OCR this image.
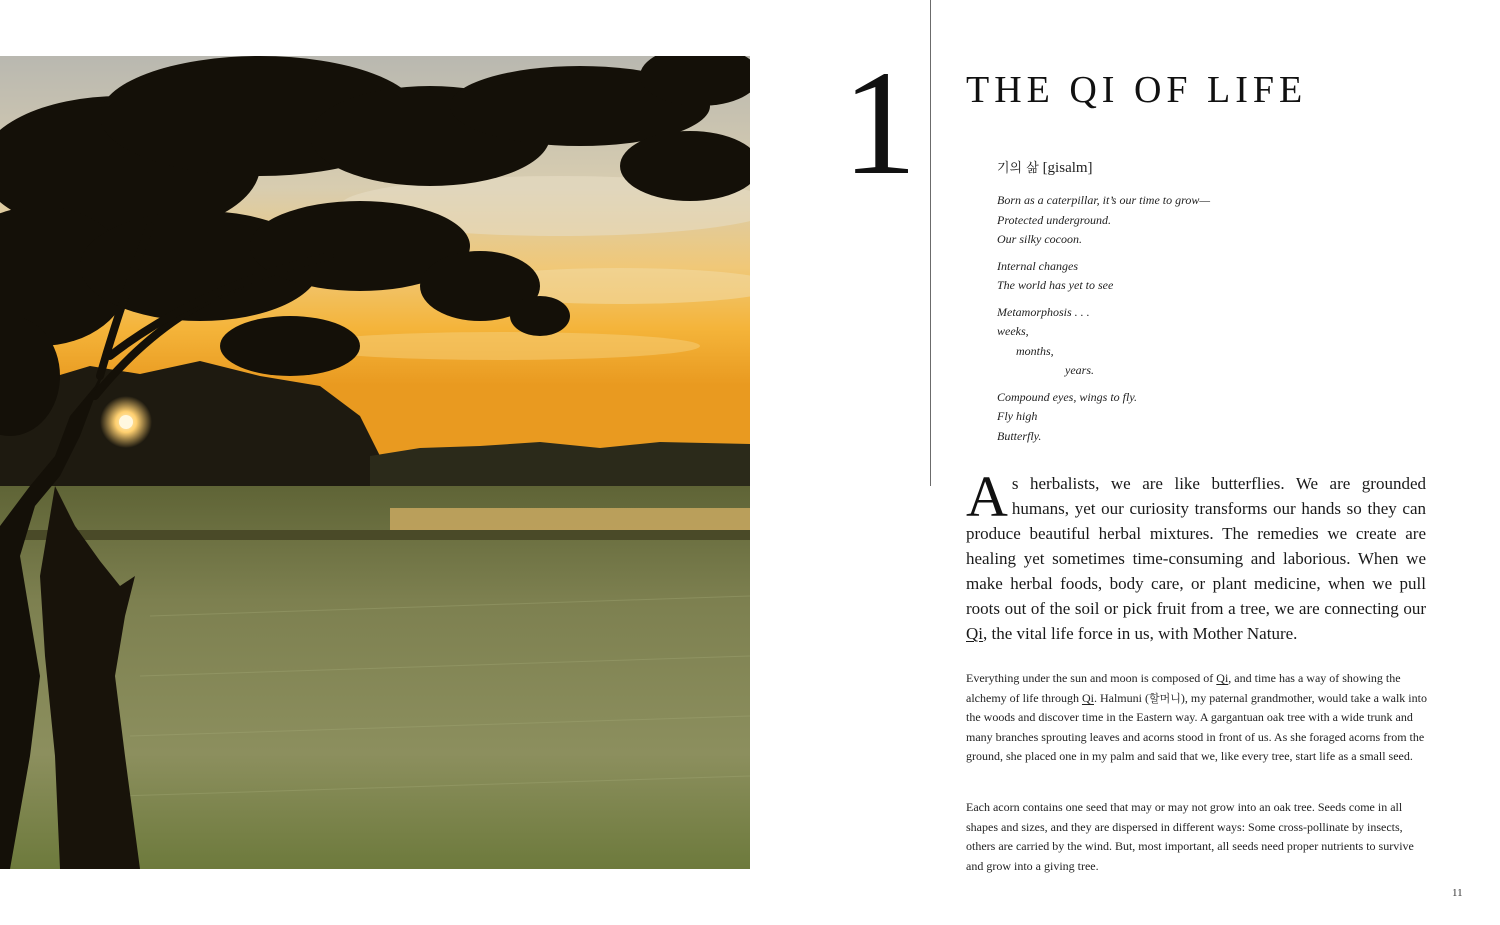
1 THE QI OF LIFE
기의 삶 [gisalm]
Born as a caterpillar, it’s our time to grow—
Protected underground.
Our silky cocoon.
Internal changes
The world has yet to see
Metamorphosis . . .
weeks,
months,
years.
Compound eyes, wings to fly.
Fly high
Butterfly.

As herbalists, we are like butterflies. We are grounded humans, yet our curiosity transforms our hands so they can produce beautiful herbal mixtures. The remedies we create are healing yet sometimes time-consuming and laborious. When we make herbal foods, body care, or plant medicine, when we pull roots out of the soil or pick fruit from a tree, we are connecting our Qi, the vital life force in us, with Mother Nature.

Everything under the sun and moon is composed of Qi, and time has a way of showing the alchemy of life through Qi. Halmuni (할머니), my paternal grandmother, would take a walk into the woods and discover time in the Eastern way. A gargantuan oak tree with a wide trunk and many branches sprouting leaves and acorns stood in front of us. As she foraged acorns from the ground, she placed one in my palm and said that we, like every tree, start life as a small seed.

Each acorn contains one seed that may or may not grow into an oak tree. Seeds come in all shapes and sizes, and they are dispersed in different ways: Some cross-pollinate by insects, others are carried by the wind. But, most important, all seeds need proper nutrients to survive and grow into a giving tree.

11
